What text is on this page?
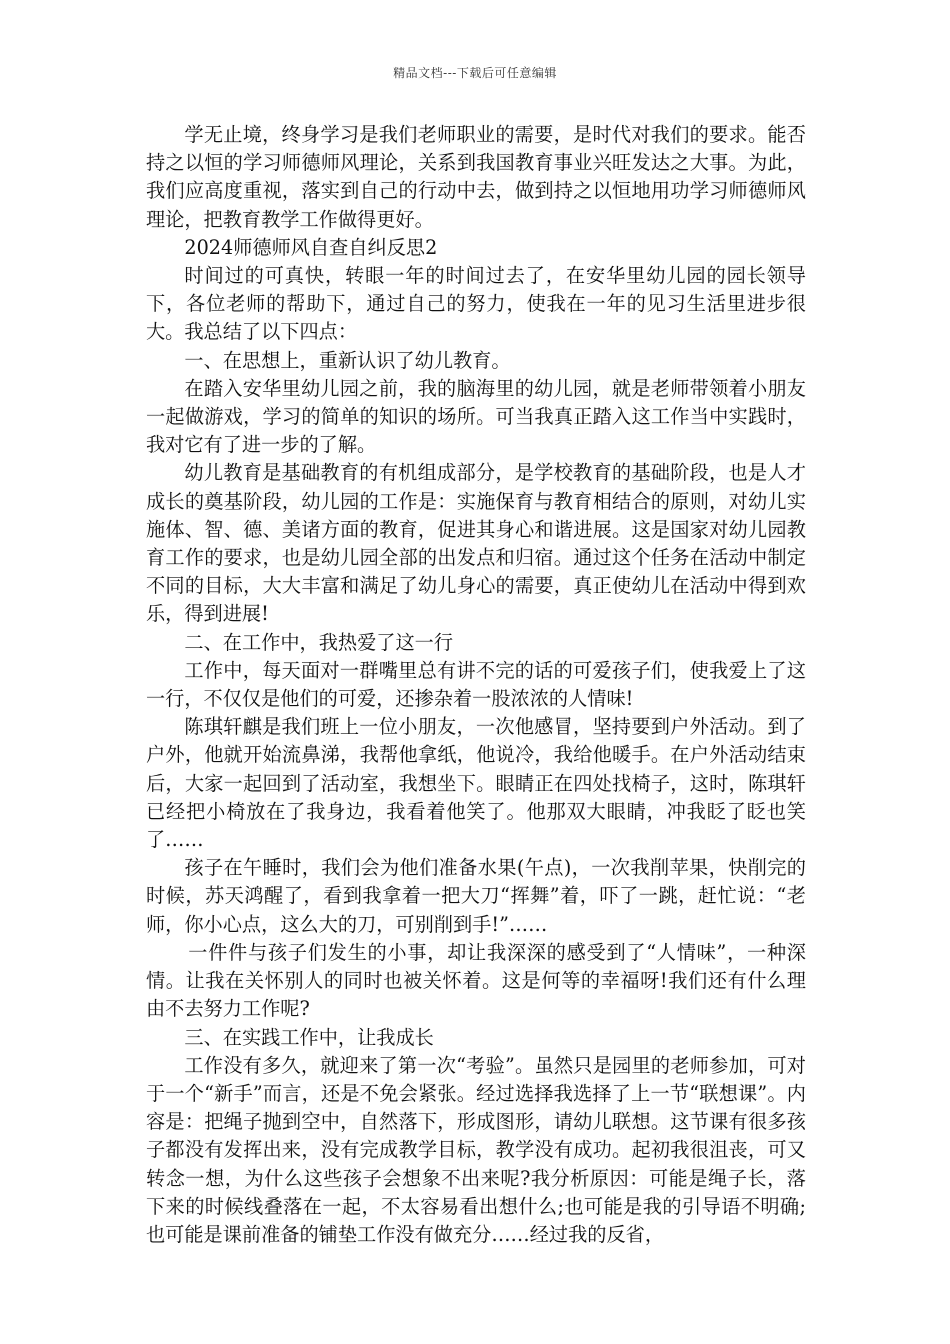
精品文档---下载后可任意编辑

学无止境，终身学习是我们老师职业的需要，是时代对我们的要求。能否持之以恒的学习师德师风理论，关系到我国教育事业兴旺发达之大事。为此，我们应高度重视，落实到自己的行动中去，做到持之以恒地用功学习师德师风理论，把教育教学工作做得更好。

2024师德师风自查自纠反思2

时间过的可真快，转眼一年的时间过去了，在安华里幼儿园的园长领导下，各位老师的帮助下，通过自己的努力，使我在一年的见习生活里进步很大。我总结了以下四点：

一、在思想上，重新认识了幼儿教育。

在踏入安华里幼儿园之前，我的脑海里的幼儿园，就是老师带领着小朋友一起做游戏，学习的简单的知识的场所。可当我真正踏入这工作当中实践时，我对它有了进一步的了解。

幼儿教育是基础教育的有机组成部分，是学校教育的基础阶段，也是人才成长的奠基阶段，幼儿园的工作是：实施保育与教育相结合的原则，对幼儿实施体、智、德、美诸方面的教育，促进其身心和谐进展。这是国家对幼儿园教育工作的要求，也是幼儿园全部的出发点和归宿。通过这个任务在活动中制定不同的目标，大大丰富和满足了幼儿身心的需要，真正使幼儿在活动中得到欢乐，得到进展!

二、在工作中，我热爱了这一行

工作中，每天面对一群嘴里总有讲不完的话的可爱孩子们，使我爱上了这一行，不仅仅是他们的可爱，还掺杂着一股浓浓的人情味!

陈琪轩麒是我们班上一位小朋友，一次他感冒，坚持要到户外活动。到了户外，他就开始流鼻涕，我帮他拿纸，他说冷，我给他暖手。在户外活动结束后，大家一起回到了活动室，我想坐下。眼睛正在四处找椅子，这时，陈琪轩已经把小椅放在了我身边，我看着他笑了。他那双大眼睛，冲我眨了眨也笑了……

孩子在午睡时，我们会为他们准备水果(午点)，一次我削苹果，快削完的时候，苏天鸿醒了，看到我拿着一把大刀“挥舞”着，吓了一跳，赶忙说：“老师，你小心点，这么大的刀，可别削到手!”……

一件件与孩子们发生的小事，却让我深深的感受到了“人情味”，一种深情。让我在关怀别人的同时也被关怀着。这是何等的幸福呀!我们还有什么理由不去努力工作呢?

三、在实践工作中，让我成长

工作没有多久，就迎来了第一次“考验”。虽然只是园里的老师参加，可对于一个“新手”而言，还是不免会紧张。经过选择我选择了上一节“联想课”。内容是：把绳子抛到空中，自然落下，形成图形，请幼儿联想。这节课有很多孩子都没有发挥出来，没有完成教学目标，教学没有成功。起初我很沮丧，可又转念一想，为什么这些孩子会想象不出来呢?我分析原因：可能是绳子长，落下来的时候线叠落在一起，不太容易看出想什么;也可能是我的引导语不明确;也可能是课前准备的铺垫工作没有做充分……经过我的反省，
